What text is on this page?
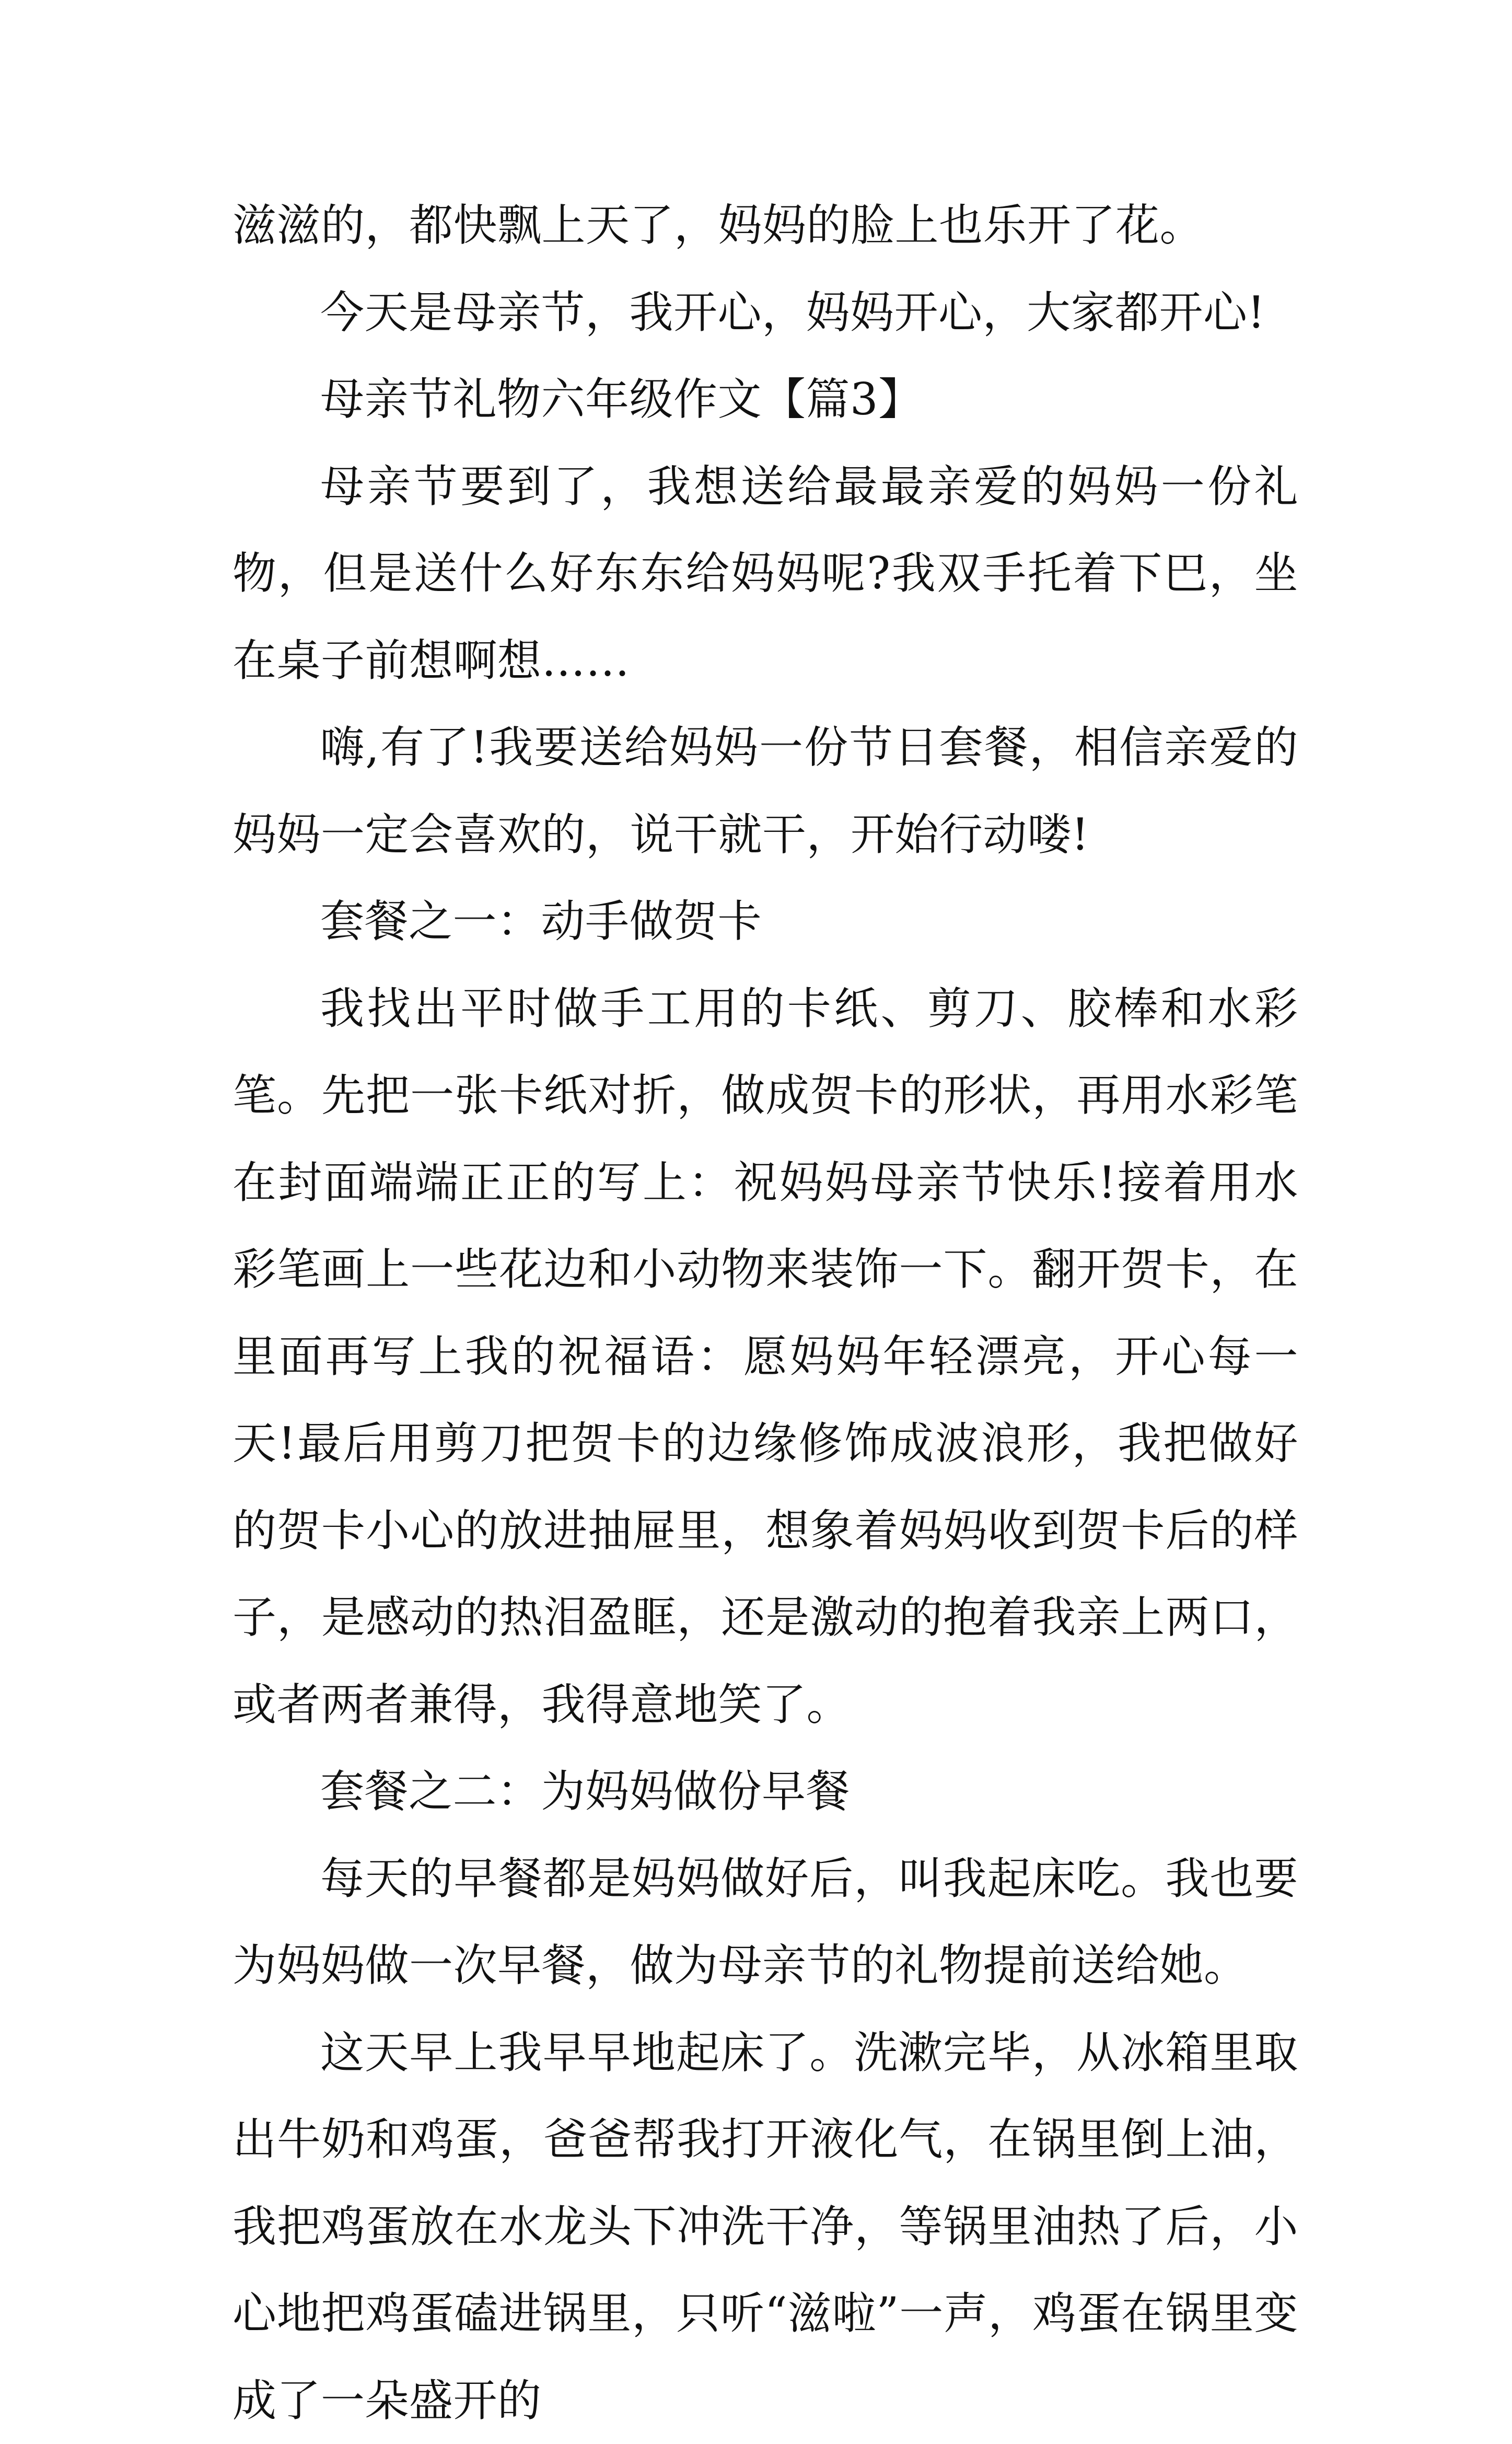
滋滋的，都快飘上天了，妈妈的脸上也乐开了花。

今天是母亲节，我开心，妈妈开心，大家都开心!

母亲节礼物六年级作文【篇3】

母亲节要到了，我想送给最最亲爱的妈妈一份礼物，但是送什么好东东给妈妈呢?我双手托着下巴，坐在桌子前想啊想……

嗨,有了!我要送给妈妈一份节日套餐，相信亲爱的妈妈一定会喜欢的，说干就干，开始行动喽!

套餐之一：动手做贺卡

我找出平时做手工用的卡纸、剪刀、胶棒和水彩笔。先把一张卡纸对折，做成贺卡的形状，再用水彩笔在封面端端正正的写上：祝妈妈母亲节快乐!接着用水彩笔画上一些花边和小动物来装饰一下。翻开贺卡，在里面再写上我的祝福语：愿妈妈年轻漂亮，开心每一天!最后用剪刀把贺卡的边缘修饰成波浪形，我把做好的贺卡小心的放进抽屉里，想象着妈妈收到贺卡后的样子，是感动的热泪盈眶，还是激动的抱着我亲上两口，或者两者兼得，我得意地笑了。

套餐之二：为妈妈做份早餐

每天的早餐都是妈妈做好后，叫我起床吃。我也要为妈妈做一次早餐，做为母亲节的礼物提前送给她。

这天早上我早早地起床了。洗漱完毕，从冰箱里取出牛奶和鸡蛋，爸爸帮我打开液化气，在锅里倒上油，我把鸡蛋放在水龙头下冲洗干净，等锅里油热了后，小心地把鸡蛋磕进锅里，只听“滋啦”一声，鸡蛋在锅里变成了一朵盛开的
